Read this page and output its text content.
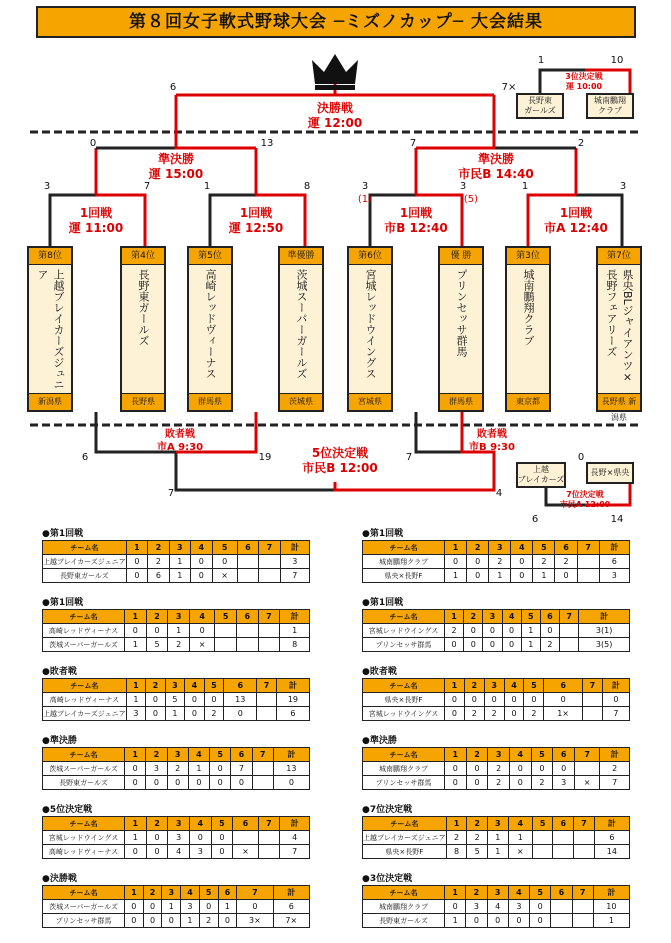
第８回女子軟式野球大会 ─ミズノカップ─ 大会結果
決勝戦
運 12:00
準決勝
運 15:00
準決勝
市民B 14:40
1回戦
運 11:00
1回戦
運 12:50
1回戦
市B 12:40
1回戦
市A 12:40
敗者戦
市A 9:30
敗者戦
市B 9:30
5位決定戦
市民B 12:00
3位決定戦
運 10:00
7位決定戦
市民A 12:00
長野東
ガールズ
城南鵬翔
クラブ
上越
ブレイカーズ
長野×県央
6	7×
0	13	7	2
3	7	1	8	3
(1)
3
(5)
1	3
1	10
6	19	7	0
7	4
6	14
第8位
上越ブレイカーズジュニア
新潟県
第4位
長野東ガールズ
長野県
第5位
高崎レッドヴィーナス
群馬県
準優勝
茨城スーパーガールズ
茨城県
第6位
宮城レッドウイングス
宮城県
優 勝
プリンセッサ群馬
群馬県
第3位
城南鵬翔クラブ
東京都
第7位
県央BLジャイアンツ×長野フェアリーズ
長野県 新潟県
●第1回戦
チーム名	1	2	3	4	5	6	7	計
上越ブレイカーズジュニア	0	2	1	0	0			3
長野東ガールズ	0	6	1	0	×			7
●第1回戦
チーム名	1	2	3	4	5	6	7	計
城南鵬翔クラブ	0	0	2	0	2	2		6
県央×長野F	1	0	1	0	1	0		3
●第1回戦
チーム名	1	2	3	4	5	6	7	計
高崎レッドヴィーナス	0	0	1	0				1
茨城スーパーガールズ	1	5	2	×				8
●第1回戦
チーム名	1	2	3	4	5	6	7	計
宮城レッドウイングス	2	0	0	0	1	0		3(1)
プリンセッサ群馬	0	0	0	0	1	2		3(5)
●敗者戦
チーム名	1	2	3	4	5	6	7	計
高崎レッドヴィーナス	1	0	5	0	0	13		19
上越ブレイカーズジュニア	3	0	1	0	2	0		6
●敗者戦
チーム名	1	2	3	4	5	6	7	計
県央×長野F	0	0	0	0	0	0		0
宮城レッドウイングス	0	2	2	0	2	1×		7
●準決勝
チーム名	1	2	3	4	5	6	7	計
茨城スーパーガールズ	0	3	2	1	0	7		13
長野東ガールズ	0	0	0	0	0	0		0
●準決勝
チーム名	1	2	3	4	5	6	7	計
城南鵬翔クラブ	0	0	2	0	0	0		2
プリンセッサ群馬	0	0	2	0	2	3	×	7
●5位決定戦
チーム名	1	2	3	4	5	6	7	計
宮城レッドウイングス	1	0	3	0	0			4
高崎レッドヴィーナス	0	0	4	3	0	×		7
●7位決定戦
チーム名	1	2	3	4	5	6	7	計
上越ブレイカーズジュニア	2	2	1	1				6
県央×長野F	8	5	1	×				14
●決勝戦
チーム名	1	2	3	4	5	6	7	計
茨城スーパーガールズ	0	0	1	3	0	1	0	6
プリンセッサ群馬	0	0	0	1	2	0	3×	7×
●3位決定戦
チーム名	1	2	3	4	5	6	7	計
城南鵬翔クラブ	0	3	4	3	0			10
長野東ガールズ	1	0	0	0	0			1
